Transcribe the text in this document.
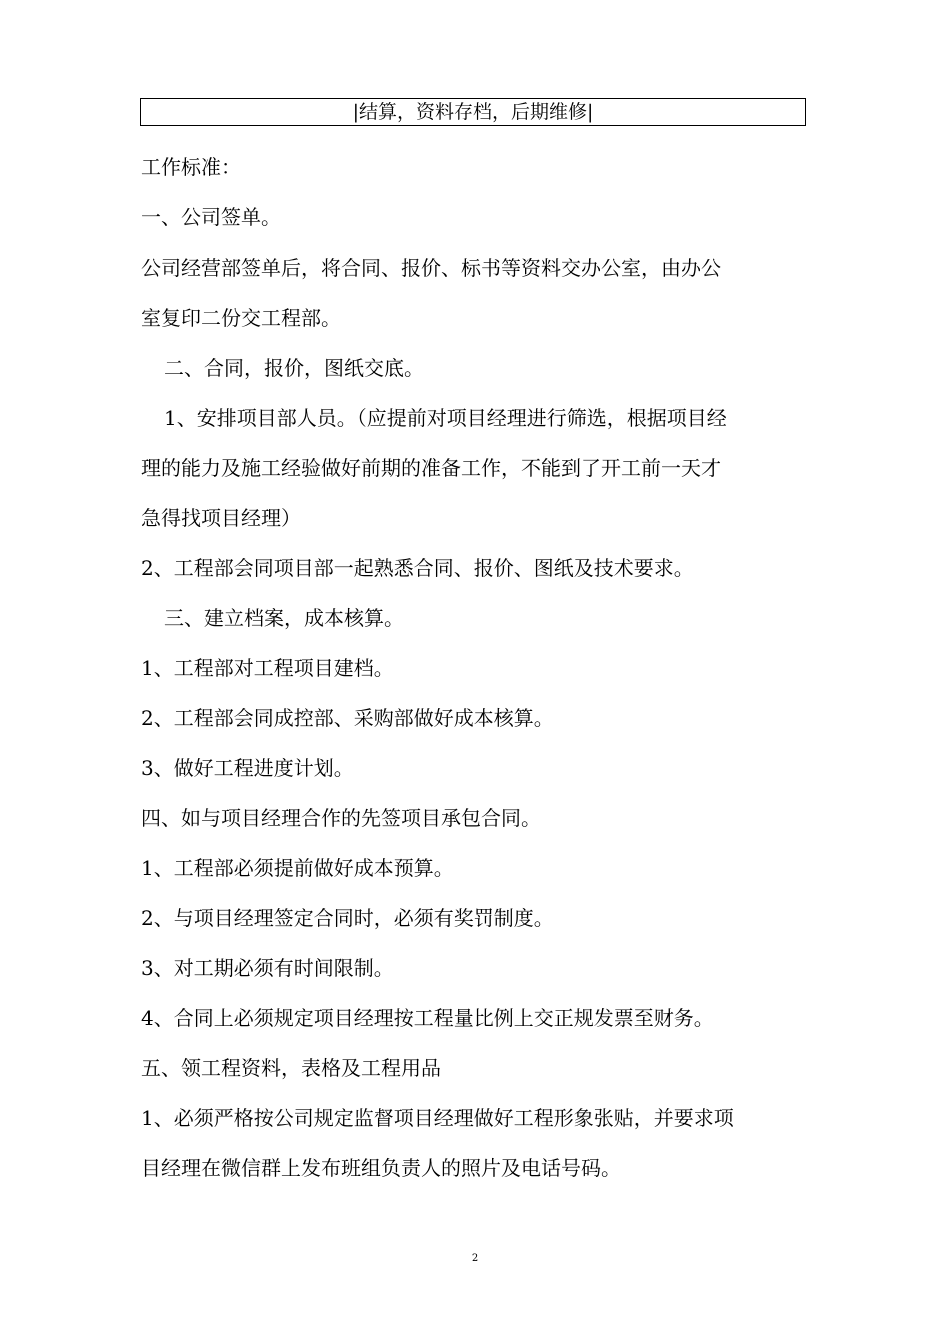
|结算，资料存档，后期维修|
工作标准：
一、公司签单。
公司经营部签单后，将合同、报价、标书等资料交办公室，由办公
室复印二份交工程部。
二、合同，报价，图纸交底。
1、安排项目部人员。（应提前对项目经理进行筛选，根据项目经
理的能力及施工经验做好前期的准备工作，不能到了开工前一天才
急得找项目经理）
2、工程部会同项目部一起熟悉合同、报价、图纸及技术要求。
三、建立档案，成本核算。
1、工程部对工程项目建档。
2、工程部会同成控部、采购部做好成本核算。
3、做好工程进度计划。
四、如与项目经理合作的先签项目承包合同。
1、工程部必须提前做好成本预算。
2、与项目经理签定合同时，必须有奖罚制度。
3、对工期必须有时间限制。
4、合同上必须规定项目经理按工程量比例上交正规发票至财务。
五、领工程资料，表格及工程用品
1、必须严格按公司规定监督项目经理做好工程形象张贴，并要求项
目经理在微信群上发布班组负责人的照片及电话号码。
2
